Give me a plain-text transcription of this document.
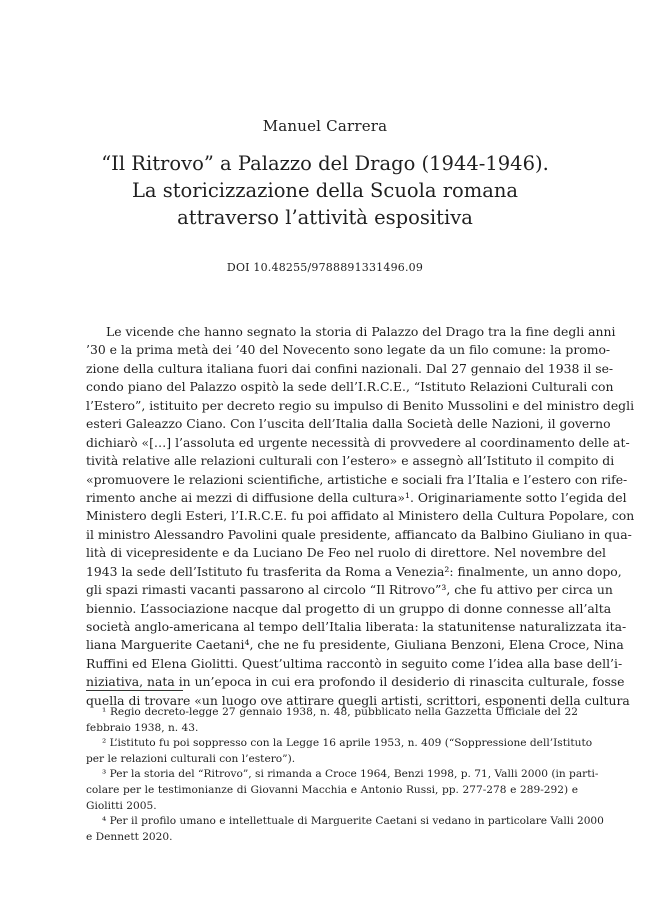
Manuel Carrera
“Il Ritrovo” a Palazzo del Drago (1944-1946).
La storicizzazione della Scuola romana
attraverso l’attività espositiva
DOI 10.48255/9788891331496.09
Le vicende che hanno segnato la storia di Palazzo del Drago tra la fine degli anni
’30 e la prima metà dei ’40 del Novecento sono legate da un filo comune: la promo-
zione della cultura italiana fuori dai confini nazionali. Dal 27 gennaio del 1938 il se-
condo piano del Palazzo ospitò la sede dell’I.R.C.E., “Istituto Relazioni Culturali con
l’Estero”, istituito per decreto regio su impulso di Benito Mussolini e del ministro degli
esteri Galeazzo Ciano. Con l’uscita dell’Italia dalla Società delle Nazioni, il governo
dichiarò «[…] l’assoluta ed urgente necessità di provvedere al coordinamento delle at-
tività relative alle relazioni culturali con l’estero» e assegnò all’Istituto il compito di
«promuovere le relazioni scientifiche, artistiche e sociali fra l’Italia e l’estero con rife-
rimento anche ai mezzi di diffusione della cultura»¹. Originariamente sotto l’egida del
Ministero degli Esteri, l’I.R.C.E. fu poi affidato al Ministero della Cultura Popolare, con
il ministro Alessandro Pavolini quale presidente, affiancato da Balbino Giuliano in qua-
lità di vicepresidente e da Luciano De Feo nel ruolo di direttore. Nel novembre del
1943 la sede dell’Istituto fu trasferita da Roma a Venezia²: finalmente, un anno dopo,
gli spazi rimasti vacanti passarono al circolo “Il Ritrovo”³, che fu attivo per circa un
biennio. L’associazione nacque dal progetto di un gruppo di donne connesse all’alta
società anglo-americana al tempo dell’Italia liberata: la statunitense naturalizzata ita-
liana Marguerite Caetani⁴, che ne fu presidente, Giuliana Benzoni, Elena Croce, Nina
Ruffini ed Elena Giolitti. Quest’ultima raccontò in seguito come l’idea alla base dell’i-
niziativa, nata in un’epoca in cui era profondo il desiderio di rinascita culturale, fosse
quella di trovare «un luogo ove attirare quegli artisti, scrittori, esponenti della cultura
¹ Regio decreto-legge 27 gennaio 1938, n. 48, pubblicato nella Gazzetta Ufficiale del 22
febbraio 1938, n. 43.
² L’istituto fu poi soppresso con la Legge 16 aprile 1953, n. 409 (“Soppressione dell’Istituto
per le relazioni culturali con l’estero”).
³ Per la storia del “Ritrovo”, si rimanda a Croce 1964, Benzi 1998, p. 71, Valli 2000 (in parti-
colare per le testimonianze di Giovanni Macchia e Antonio Russi, pp. 277-278 e 289-292) e
Giolitti 2005.
⁴ Per il profilo umano e intellettuale di Marguerite Caetani si vedano in particolare Valli 2000
e Dennett 2020.
